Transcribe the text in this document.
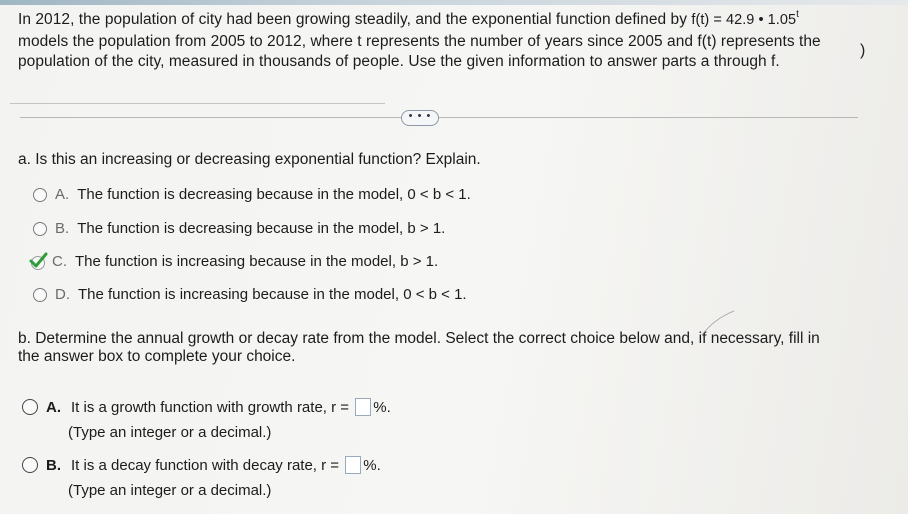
In 2012, the population of city had been growing steadily, and the exponential function defined by f(t) = 42.9 • 1.05$^t$
models the population from 2005 to 2012, where t represents the number of years since 2005 and f(t) represents the
population of the city, measured in thousands of people. Use the given information to answer parts a through f.
)
• • •
a. Is this an increasing or decreasing exponential function? Explain.
A. The function is decreasing because in the model,
0 < b < 1.
B. The function is decreasing because in the model,
b > 1.
C. The function is increasing because in the model,
b > 1.
D. The function is increasing because in the model,
0 < b < 1.
b. Determine the annual growth or decay rate from the model. Select the correct choice below and, if necessary, fill in
the answer box to complete your choice.
A. It is a growth function with growth rate,
r =
%.
(Type an integer or a decimal.)
B. It is a decay function with decay rate,
r =
%.
(Type an integer or a decimal.)
